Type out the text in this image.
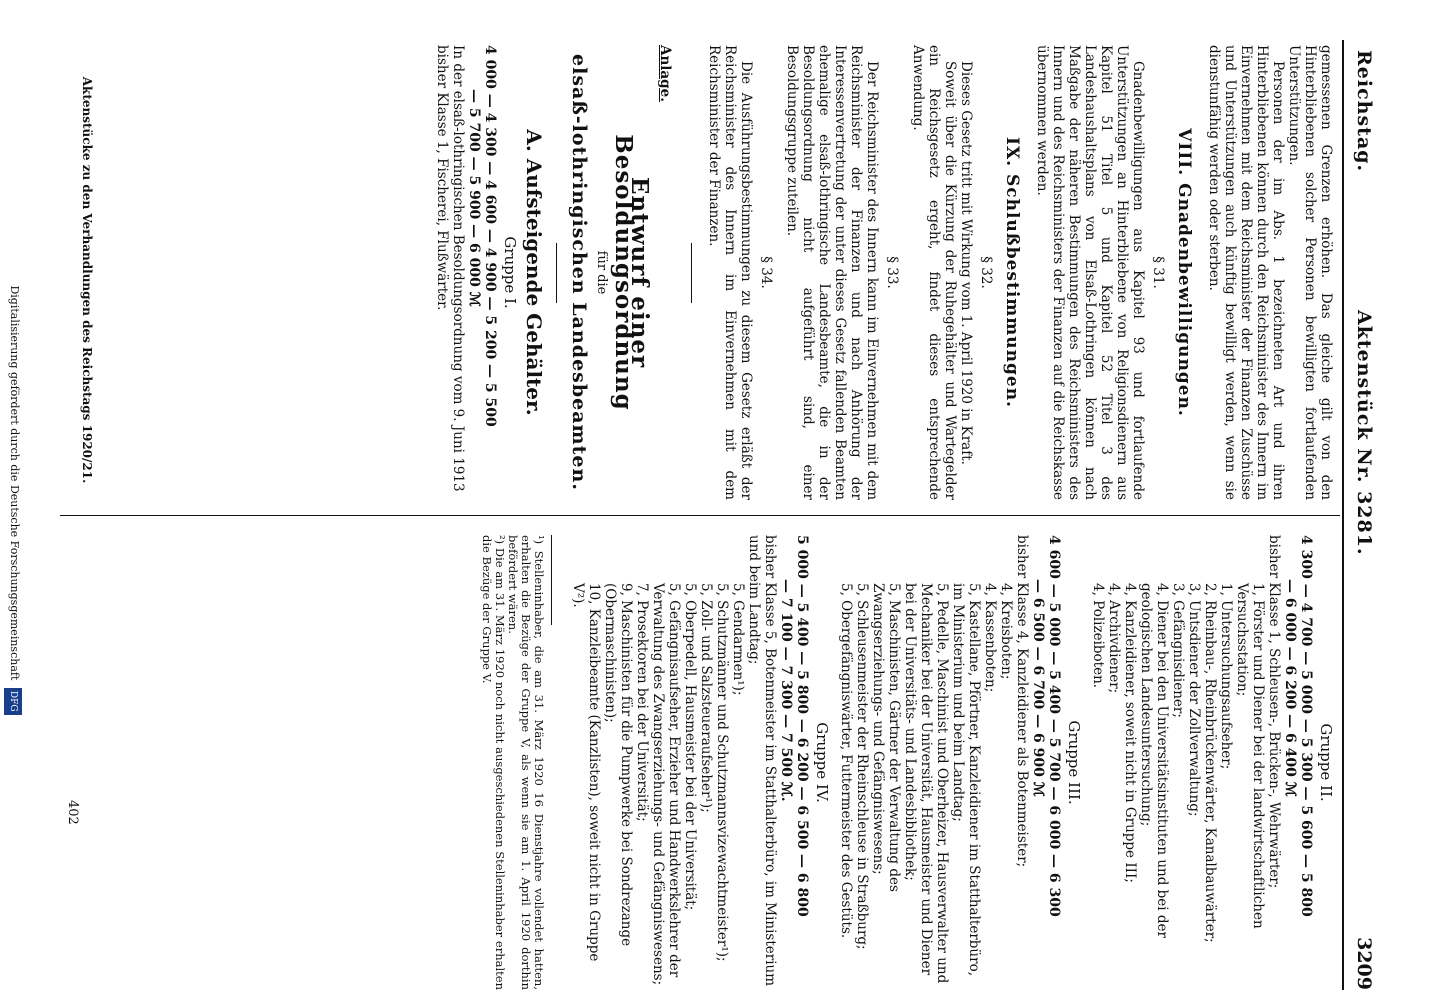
Reichstag.
Aktenstück Nr. 3281.
3209

gemessenen Grenzen erhöhen. Das gleiche gilt von den Hinterbliebenen solcher Personen bewilligten fortlaufenden Unterstützungen.

Personen der im Abs. 1 bezeichneten Art und ihren Hinterbliebenen können durch den Reichsminister des Innern im Einvernehmen mit dem Reichsminister der Finanzen Zuschüsse und Unterstützungen auch künftig bewilligt werden, wenn sie dienstunfähig werden oder sterben.

VIII. Gnadenbewilligungen.
§ 31.

Gnadenbewilligungen aus Kapitel 93 und fortlaufende Unterstützungen an Hinterbliebene von Religionsdienern aus Kapitel 51 Titel 5 und Kapitel 52 Titel 3 des Landeshaushaltsplans von Elsaß-Lothringen können nach Maßgabe der näheren Bestimmungen des Reichsministers des Innern und des Reichsministers der Finanzen auf die Reichskasse übernommen werden.

IX. Schlußbestimmungen.
§ 32.

Dieses Gesetz tritt mit Wirkung vom 1. April 1920 in Kraft.

Soweit über die Kürzung der Ruhegehälter und Wartegelder ein Reichsgesetz ergeht, findet dieses entsprechende Anwendung.

§ 33.

Der Reichsminister des Innern kann im Einvernehmen mit dem Reichsminister der Finanzen und nach Anhörung der Interessenvertretung der unter dieses Gesetz fallenden Beamten ehemalige elsaß-lothringische Landesbeamte, die in der Besoldungsordnung nicht aufgeführt sind, einer Besoldungsgruppe zuteilen.

§ 34.

Die Ausführungsbestimmungen zu diesem Gesetz erläßt der Reichsminister des Innern im Einvernehmen mit dem Reichsminister der Finanzen.

Anlage.
Entwurf einer Besoldungsordnung
für die
elsaß-lothringischen Landesbeamten.
A. Aufsteigende Gehälter.
Gruppe I.
4 000 — 4 300 — 4 600 — 4 900 — 5 200 — 5 500
— 5 700 — 5 900 — 6 000 ℳ
In der elsaß-lothringischen Besoldungsordnung vom 9. Juni 1913
bisher Klasse 1, Fischerei, Flußwärter.
Aktenstücke zu den Verhandlungen des Reichstags 1920/21.
Gruppe II.
4 300 — 4 700 — 5 000 — 5 300 — 5 600 — 5 800
— 6 000 — 6 200 — 6 400 ℳ
bisher Klasse 1, Schleusen-, Brücken-, Wehrwärter;
1, Förster und Diener bei der landwirtschaftlichen Versuchsstation;
1, Untersuchungsaufseher;
2, Rheinbau-, Rheinbrückenwärter, Kanalbauwärter;
3, Untsdiener der Zollverwaltung;
3, Gefängnisdiener;
4, Diener bei den Universitätsinstituten und bei der geologischen Landesuntersuchung;
4, Kanzleidiener, soweit nicht in Gruppe III;
4, Archivdiener;
4, Polizeiboten.
Gruppe III.
4 600 — 5 000 — 5 400 — 5 700 — 6 000 — 6 300
— 6 500 — 6 700 — 6 900 ℳ
bisher Klasse 4, Kanzleidiener als Botenmeister;
4, Kreisboten;
4, Kassenboten;
5, Kastellane, Pförtner, Kanzleidiener im Statthalterbüro, im Ministerium und beim Landtag;
5, Pedelle, Maschinist und Oberheizer, Hausverwalter und Mechaniker bei der Universität, Hausmeister und Diener bei der Universitäts- und Landesbibliothek;
5, Maschinisten, Gärtner der Verwaltung des Zwangserziehungs- und Gefängniswesens;
5, Schleusenmeister der Rheinschleuse in Straßburg;
5, Obergefängniswärter, Futtermeister des Gestüts.
Gruppe IV.
5 000 — 5 400 — 5 800 — 6 200 — 6 500 — 6 800
— 7 100 — 7 300 — 7 500 ℳ.
bisher Klasse 5, Botenmeister im Statthalterbüro, im Ministerium und beim Landtag;
5, Gendarmen¹);
5, Schutzmänner und Schutzmannsvizewachtmeister¹);
5, Zoll- und Salzsteueraufseher¹);
5, Oberpedell, Hausmeister bei der Universität;
5, Gefängnisaufseher, Erzieher und Handwerkslehrer der Verwaltung des Zwangserziehungs- und Gefängniswesens;
7, Prosektoren bei der Universität;
9, Maschinisten für die Pumpwerke bei Sondrezange (Obermaschinisten);
10, Kanzleibeamte (Kanzlisten), soweit nicht in Gruppe V²).

¹) Stelleninhaber, die am 31. März 1920 16 Dienstjahre vollendet hatten, erhalten die Bezüge der Gruppe V, als wenn sie am 1. April 1920 dorthin befördert wären.

²) Die am 31. März 1920 noch nicht ausgeschiedenen Stelleninhaber erhalten die Bezüge der Gruppe V.

402
Digitalisierung gefördert durch die Deutsche Forschungsgemeinschaft DFG
